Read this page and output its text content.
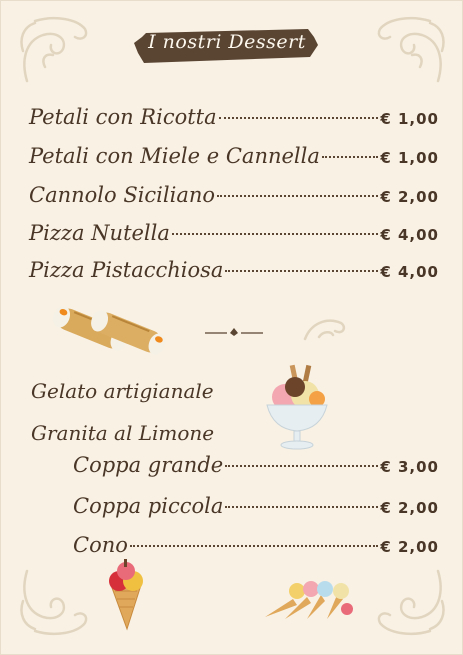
I nostri Dessert
Petali con Ricotta	€ 1,00
Petali con Miele e Cannella	€ 1,00
Cannolo Siciliano	€ 2,00
Pizza Nutella	€ 4,00
Pizza Pistacchiosa	€ 4,00
Gelato artigianale
Granita al Limone
Coppa grande	€ 3,00
Coppa piccola	€ 2,00
Cono	€ 2,00
